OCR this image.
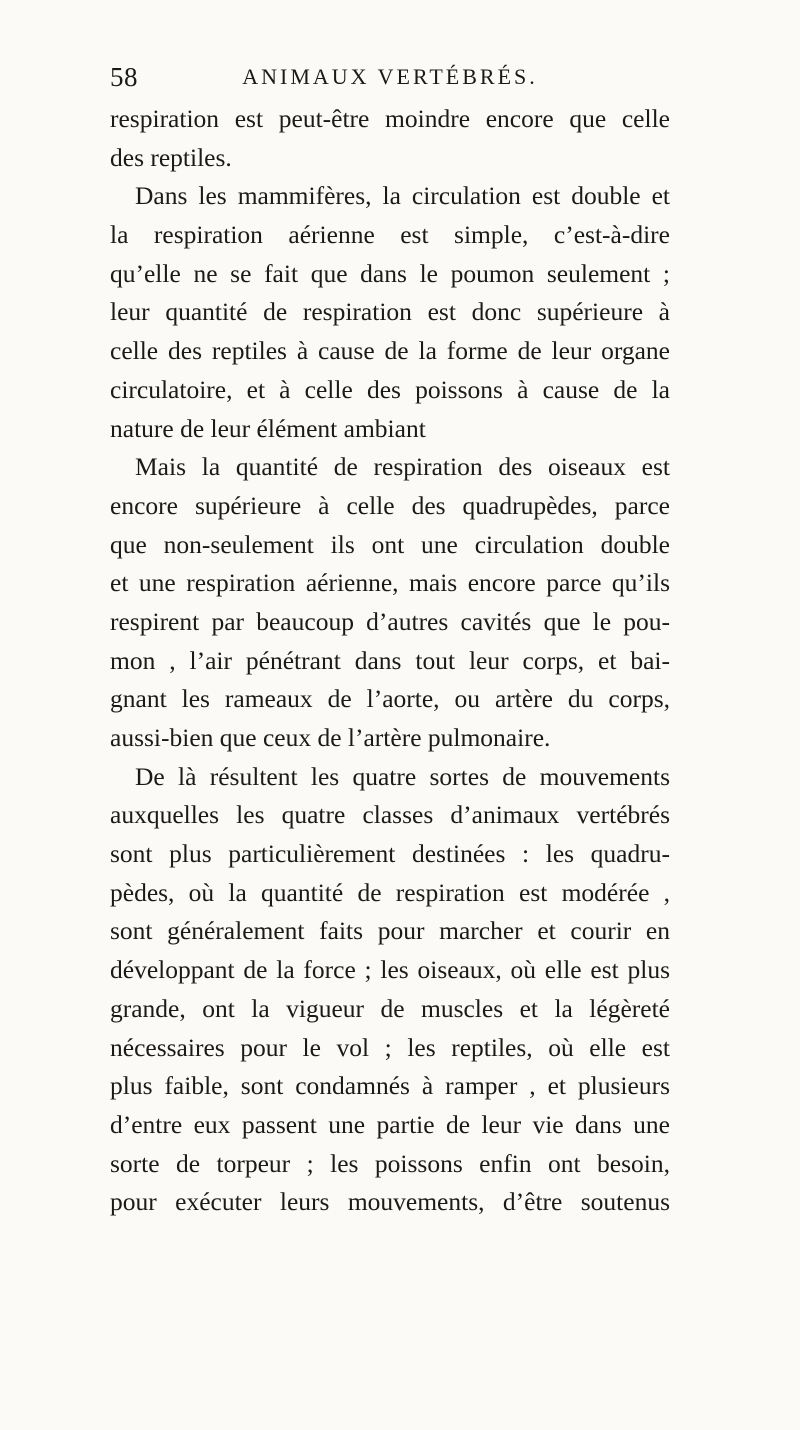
58	ANIMAUX VERTÉBRÉS.
respiration est peut-être moindre encore que celle
des reptiles.
Dans les mammifères, la circulation est double et
la respiration aérienne est simple, c’est-à-dire
qu’elle ne se fait que dans le poumon seulement ;
leur quantité de respiration est donc supérieure à
celle des reptiles à cause de la forme de leur organe
circulatoire, et à celle des poissons à cause de la
nature de leur élément ambiant
Mais la quantité de respiration des oiseaux est
encore supérieure à celle des quadrupèdes, parce
que non-seulement ils ont une circulation double
et une respiration aérienne, mais encore parce qu’ils
respirent par beaucoup d’autres cavités que le pou-
mon , l’air pénétrant dans tout leur corps, et bai-
gnant les rameaux de l’aorte, ou artère du corps,
aussi-bien que ceux de l’artère pulmonaire.
De là résultent les quatre sortes de mouvements
auxquelles les quatre classes d’animaux vertébrés
sont plus particulièrement destinées : les quadru-
pèdes, où la quantité de respiration est modérée ,
sont généralement faits pour marcher et courir en
développant de la force ; les oiseaux, où elle est plus
grande, ont la vigueur de muscles et la légèreté
nécessaires pour le vol ; les reptiles, où elle est
plus faible, sont condamnés à ramper , et plusieurs
d’entre eux passent une partie de leur vie dans une
sorte de torpeur ; les poissons enfin ont besoin,
pour exécuter leurs mouvements, d’être soutenus
